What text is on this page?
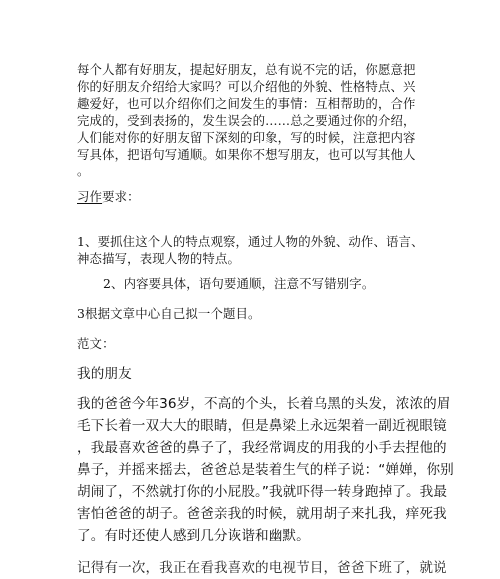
每个人都有好朋友，提起好朋友，总有说不完的话，你愿意把
你的好朋友介绍给大家吗？可以介绍他的外貌、性格特点、兴
趣爱好，也可以介绍你们之间发生的事情：互相帮助的，合作
完成的，受到表扬的，发生误会的……总之要通过你的介绍，
人们能对你的好朋友留下深刻的印象，写的时候，注意把内容
写具体，把语句写通顺。如果你不想写朋友，也可以写其他人
。
习作要求：
1、要抓住这个人的特点观察，通过人物的外貌、动作、语言、
神态描写，表现人物的特点。
2、内容要具体，语句要通顺，注意不写错别字。
3根据文章中心自己拟一个题目。
范文：
我的朋友
我的爸爸今年36岁，不高的个头，长着乌黑的头发，浓浓的眉
毛下长着一双大大的眼睛，但是鼻梁上永远架着一副近视眼镜
，我最喜欢爸爸的鼻子了，我经常调皮的用我的小手去捏他的
鼻子，并摇来摇去，爸爸总是装着生气的样子说：“婵婵，你别
胡闹了，不然就打你的小屁股。”我就吓得一转身跑掉了。我最
害怕爸爸的胡子。爸爸亲我的时候，就用胡子来扎我，痒死我
了。有时还使人感到几分诙谐和幽默。
记得有一次，我正在看我喜欢的电视节目，爸爸下班了，就说
